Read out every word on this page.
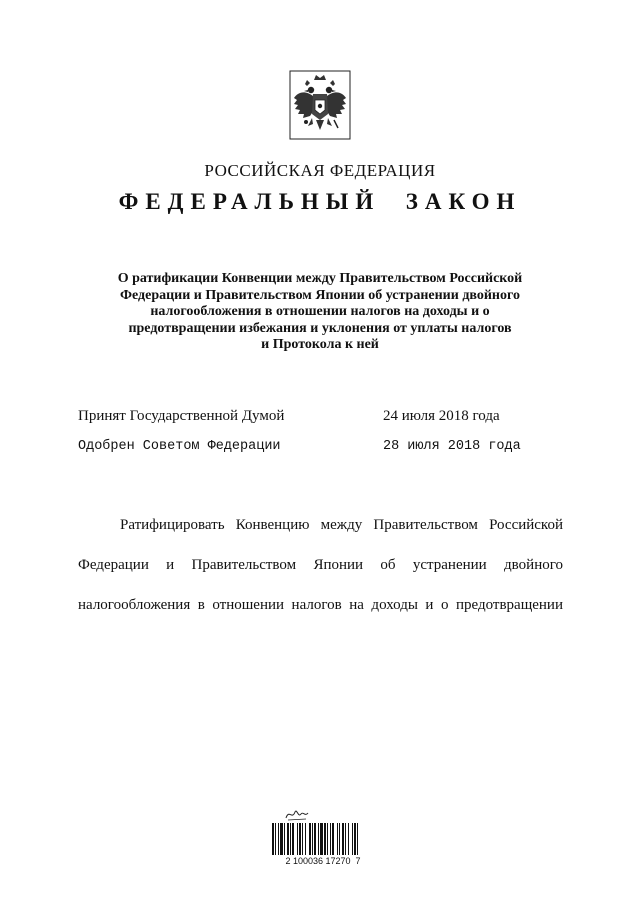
РОССИЙСКАЯ ФЕДЕРАЦИЯ
ФЕДЕРАЛЬНЫЙ  ЗАКОН
О ратификации Конвенции между Правительством Российской
Федерации и Правительством Японии об устранении двойного
налогообложения в отношении налогов на доходы и о
предотвращении избежания и уклонения от уплаты налогов
и Протокола к ней
Принят Государственной Думой	24 июля 2018 года
Одобрен Советом Федерации	28 июля 2018 года
Ратифицировать Конвенцию между Правительством Российской
Федерации и Правительством Японии об устранении двойного
налогообложения в отношении налогов на доходы и о предотвращении
2 100036 17270  7
